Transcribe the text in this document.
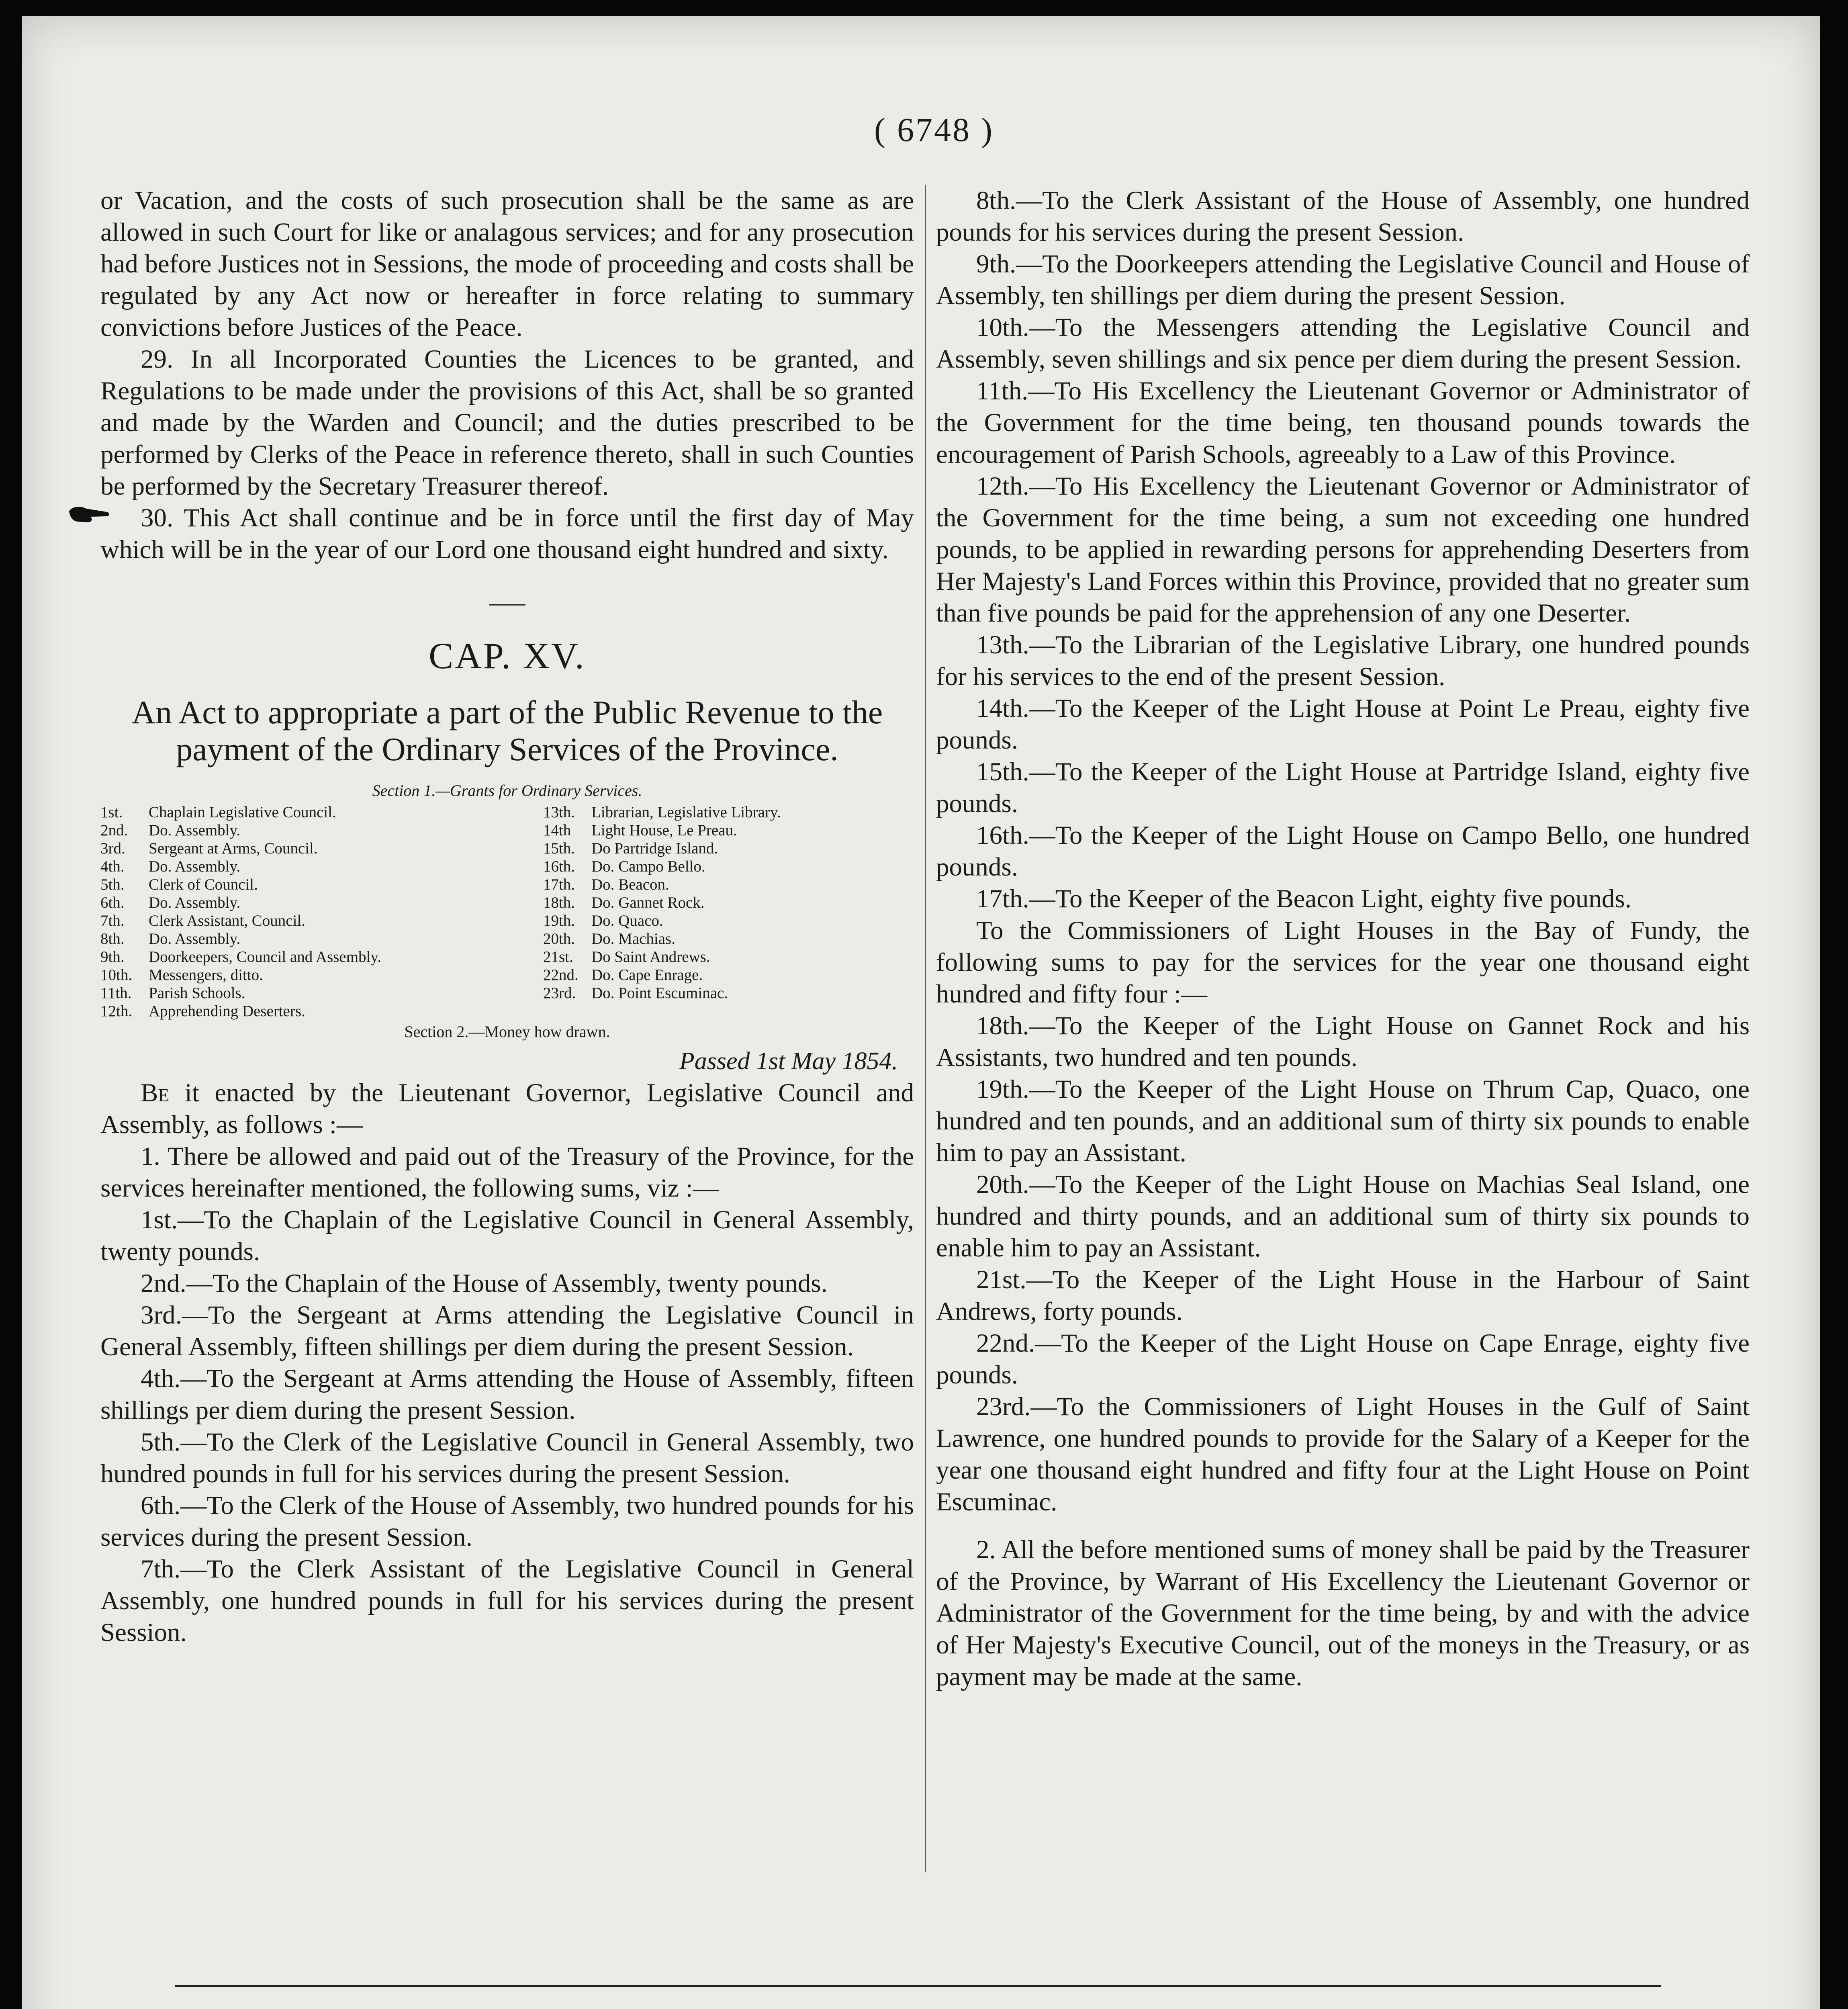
( 6748 )

or Vacation, and the costs of such prosecution shall be the same as are allowed in such Court for like or analagous services; and for any prosecution had before Justices not in Sessions, the mode of proceeding and costs shall be regulated by any Act now or hereafter in force relating to summary convictions before Justices of the Peace.

29. In all Incorporated Counties the Licences to be granted, and Regulations to be made under the provisions of this Act, shall be so granted and made by the Warden and Council; and the duties prescribed to be performed by Clerks of the Peace in reference thereto, shall in such Counties be performed by the Secretary Treasurer thereof.

30. This Act shall continue and be in force until the first day of May which will be in the year of our Lord one thousand eight hundred and sixty.

CAP. XV.
An Act to appropriate a part of the Public Revenue to the payment of the Ordinary Services of the Province.
Section 1.—Grants for Ordinary Services.
1st.	Chaplain Legislative Council.	13th.	Librarian, Legislative Library.
2nd.	Do. Assembly.	14th	Light House, Le Preau.
3rd.	Sergeant at Arms, Council.	15th.	Do Partridge Island.
4th.	Do. Assembly.	16th.	Do. Campo Bello.
5th.	Clerk of Council.	17th.	Do. Beacon.
6th.	Do. Assembly.	18th.	Do. Gannet Rock.
7th.	Clerk Assistant, Council.	19th.	Do. Quaco.
8th.	Do. Assembly.	20th.	Do. Machias.
9th.	Doorkeepers, Council and Assembly.	21st.	Do Saint Andrews.
10th.	Messengers, ditto.	22nd.	Do. Cape Enrage.
11th.	Parish Schools.	23rd.	Do. Point Escuminac.
12th.	Apprehending Deserters.		
Section 2.—Money how drawn.
Passed 1st May 1854.

Be it enacted by the Lieutenant Governor, Legislative Council and Assembly, as follows :—

1. There be allowed and paid out of the Treasury of the Province, for the services hereinafter mentioned, the following sums, viz :—

1st.—To the Chaplain of the Legislative Council in General Assembly, twenty pounds.

2nd.—To the Chaplain of the House of Assembly, twenty pounds.

3rd.—To the Sergeant at Arms attending the Legislative Council in General Assembly, fifteen shillings per diem during the present Session.

4th.—To the Sergeant at Arms attending the House of Assembly, fifteen shillings per diem during the present Session.

5th.—To the Clerk of the Legislative Council in General Assembly, two hundred pounds in full for his services during the present Session.

6th.—To the Clerk of the House of Assembly, two hundred pounds for his services during the present Session.

7th.—To the Clerk Assistant of the Legislative Council in General Assembly, one hundred pounds in full for his services during the present Session.

8th.—To the Clerk Assistant of the House of Assembly, one hundred pounds for his services during the present Session.

9th.—To the Doorkeepers attending the Legislative Council and House of Assembly, ten shillings per diem during the present Session.

10th.—To the Messengers attending the Legislative Council and Assembly, seven shillings and six pence per diem during the present Session.

11th.—To His Excellency the Lieutenant Governor or Administrator of the Government for the time being, ten thousand pounds towards the encouragement of Parish Schools, agreeably to a Law of this Province.

12th.—To His Excellency the Lieutenant Governor or Administrator of the Government for the time being, a sum not exceeding one hundred pounds, to be applied in rewarding persons for apprehending Deserters from Her Majesty's Land Forces within this Province, provided that no greater sum than five pounds be paid for the apprehension of any one Deserter.

13th.—To the Librarian of the Legislative Library, one hundred pounds for his services to the end of the present Session.

14th.—To the Keeper of the Light House at Point Le Preau, eighty five pounds.

15th.—To the Keeper of the Light House at Partridge Island, eighty five pounds.

16th.—To the Keeper of the Light House on Campo Bello, one hundred pounds.

17th.—To the Keeper of the Beacon Light, eighty five pounds.

To the Commissioners of Light Houses in the Bay of Fundy, the following sums to pay for the services for the year one thousand eight hundred and fifty four :—

18th.—To the Keeper of the Light House on Gannet Rock and his Assistants, two hundred and ten pounds.

19th.—To the Keeper of the Light House on Thrum Cap, Quaco, one hundred and ten pounds, and an additional sum of thirty six pounds to enable him to pay an Assistant.

20th.—To the Keeper of the Light House on Machias Seal Island, one hundred and thirty pounds, and an additional sum of thirty six pounds to enable him to pay an Assistant.

21st.—To the Keeper of the Light House in the Harbour of Saint Andrews, forty pounds.

22nd.—To the Keeper of the Light House on Cape Enrage, eighty five pounds.

23rd.—To the Commissioners of Light Houses in the Gulf of Saint Lawrence, one hundred pounds to provide for the Salary of a Keeper for the year one thousand eight hundred and fifty four at the Light House on Point Escuminac.

2. All the before mentioned sums of money shall be paid by the Treasurer of the Province, by Warrant of His Excellency the Lieutenant Governor or Administrator of the Government for the time being, by and with the advice of Her Majesty's Executive Council, out of the moneys in the Treasury, or as payment may be made at the same.
